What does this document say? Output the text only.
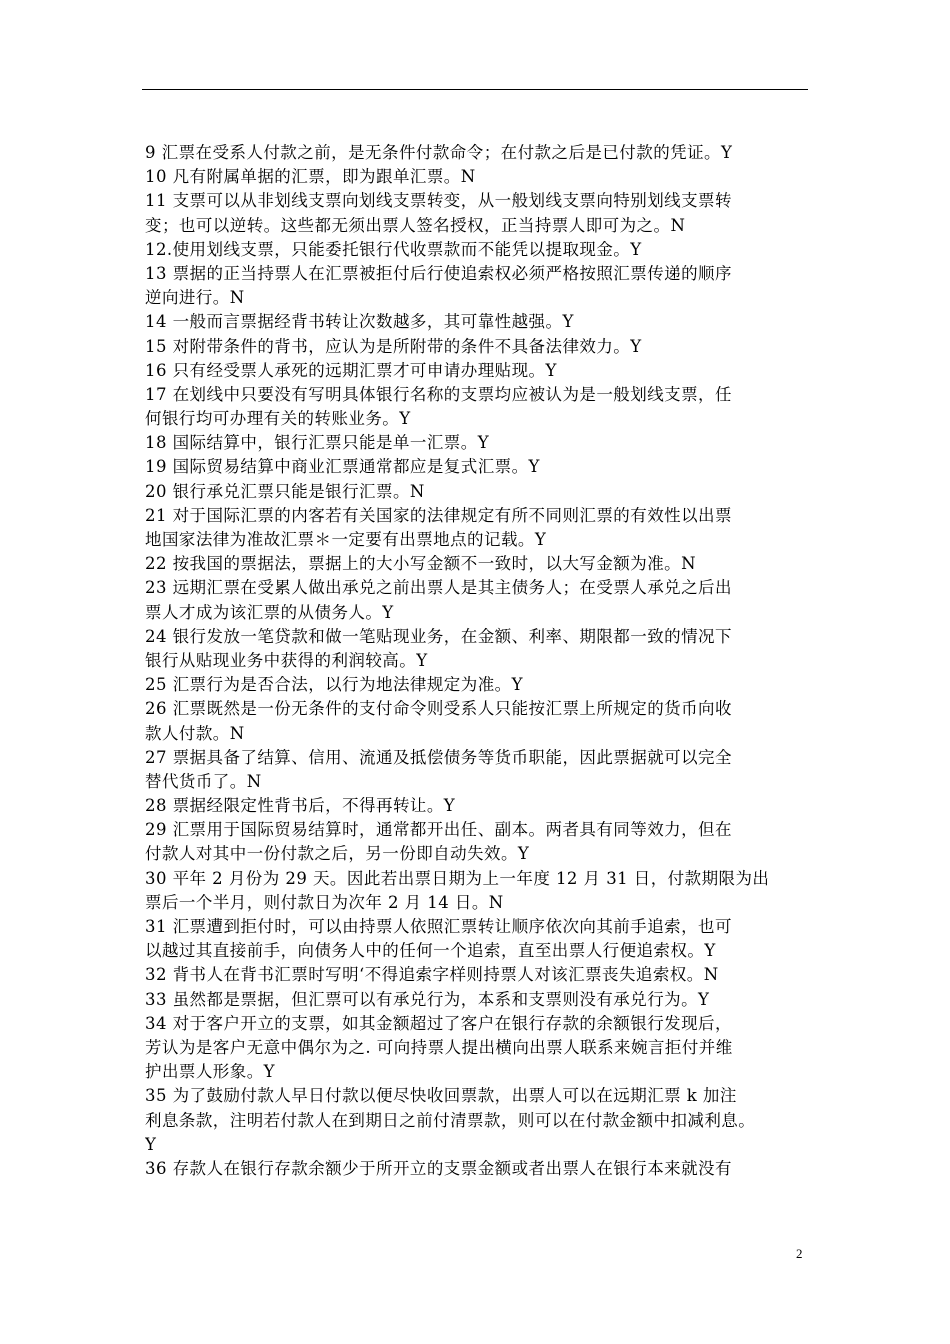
9 汇票在受系人付款之前，是无条件付款命令；在付款之后是已付款的凭证。Y
10 凡有附属单据的汇票，即为跟单汇票。N
11 支票可以从非划线支票向划线支票转变，从一般划线支票向特别划线支票转
变；也可以逆转。这些都无须出票人签名授权，正当持票人即可为之。N
12.使用划线支票，只能委托银行代收票款而不能凭以提取现金。Y
13 票据的正当持票人在汇票被拒付后行使追索权必须严格按照汇票传递的顺序
逆向进行。N
14 一般而言票据经背书转让次数越多，其可靠性越强。Y
15 对附带条件的背书，应认为是所附带的条件不具备法律效力。Y
16 只有经受票人承死的远期汇票才可申请办理贴现。Y
17 在划线中只要没有写明具体银行名称的支票均应被认为是一般划线支票，任
何银行均可办理有关的转账业务。Y
18 国际结算中，银行汇票只能是单一汇票。Y
19 国际贸易结算中商业汇票通常都应是复式汇票。Y
20 银行承兑汇票只能是银行汇票。N
21 对于国际汇票的内客若有关国家的法律规定有所不同则汇票的有效性以出票
地国家法律为准故汇票＊一定要有出票地点的记载。Y
22 按我国的票据法，票据上的大小写金额不一致时，以大写金额为准。N
23 远期汇票在受累人做出承兑之前出票人是其主债务人；在受票人承兑之后出
票人才成为该汇票的从债务人。Y
24 银行发放一笔贷款和做一笔贴现业务，在金额、利率、期限都一致的情况下
银行从贴现业务中获得的利润较高。Y
25 汇票行为是否合法，以行为地法律规定为准。Y
26 汇票既然是一份无条件的支付命令则受系人只能按汇票上所规定的货币向收
款人付款。N
27 票据具备了结算、信用、流通及抵偿债务等货币职能，因此票据就可以完全
替代货币了。N
28 票据经限定性背书后，不得再转让。Y
29 汇票用于国际贸易结算时，通常都开出任、副本。两者具有同等效力，但在
付款人对其中一份付款之后，另一份即自动失效。Y
30 平年 2 月份为 29 天。因此若出票日期为上一年度 12 月 31 日，付款期限为出
票后一个半月，则付款日为次年 2 月 14 日。N
31 汇票遭到拒付时，可以由持票人依照汇票转让顺序依次向其前手追索，也可
以越过其直接前手，向债务人中的任何一个追索，直至出票人行便追索权。Y
32 背书人在背书汇票时写明‘不得追索字样则持票人对该汇票丧失追索权。N
33 虽然都是票据，但汇票可以有承兑行为，本系和支票则没有承兑行为。Y
34 对于客户开立的支票，如其金额超过了客户在银行存款的余额银行发现后，
芳认为是客户无意中偶尔为之. 可向持票人提出横向出票人联系来婉言拒付并维
护出票人形象。Y
35 为了鼓励付款人早日付款以便尽快收回票款，出票人可以在远期汇票 k 加注
利息条款，注明若付款人在到期日之前付清票款，则可以在付款金额中扣减利息。
Y
36 存款人在银行存款余额少于所开立的支票金额或者出票人在银行本来就没有
2
